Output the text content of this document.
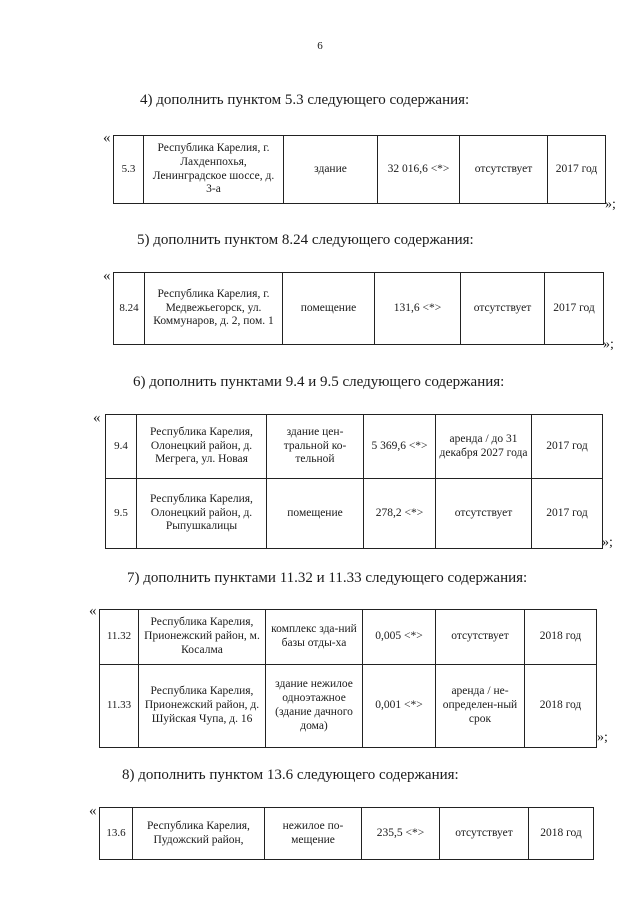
6
4) дополнить пунктом 5.3 следующего содержания:
«
5.3	Республика Карелия, г. Лахденпохья, Ленинградское шоссе, д. 3-а	здание	32 016,6 <*>	отсутствует	2017 год
»;
5) дополнить пунктом 8.24 следующего содержания:
«
8.24	Республика Карелия, г. Медвежьегорск, ул. Коммунаров, д. 2, пом. 1	помещение	131,6 <*>	отсутствует	2017 год
»;
6) дополнить пунктами 9.4 и 9.5 следующего содержания:
«
9.4	Республика Карелия, Олонецкий район, д. Мегрега, ул. Новая	здание цен-тральной ко-тельной	5 369,6 <*>	аренда / до 31 декабря 2027 года	2017 год
9.5	Республика Карелия, Олонецкий район, д. Рыпушкалицы	помещение	278,2 <*>	отсутствует	2017 год
»;
7) дополнить пунктами 11.32 и 11.33 следующего содержания:
«
11.32	Республика Карелия, Прионежский район, м. Косалма	комплекс зда-ний базы отды-ха	0,005 <*>	отсутствует	2018 год
11.33	Республика Карелия, Прионежский район, д. Шуйская Чупа, д. 16	здание нежилое одноэтажное (здание дачного дома)	0,001 <*>	аренда / не-определен-ный срок	2018 год
»;
8) дополнить пунктом 13.6 следующего содержания:
«
13.6	Республика Карелия, Пудожский район,	нежилое по-мещение	235,5 <*>	отсутствует	2018 год
